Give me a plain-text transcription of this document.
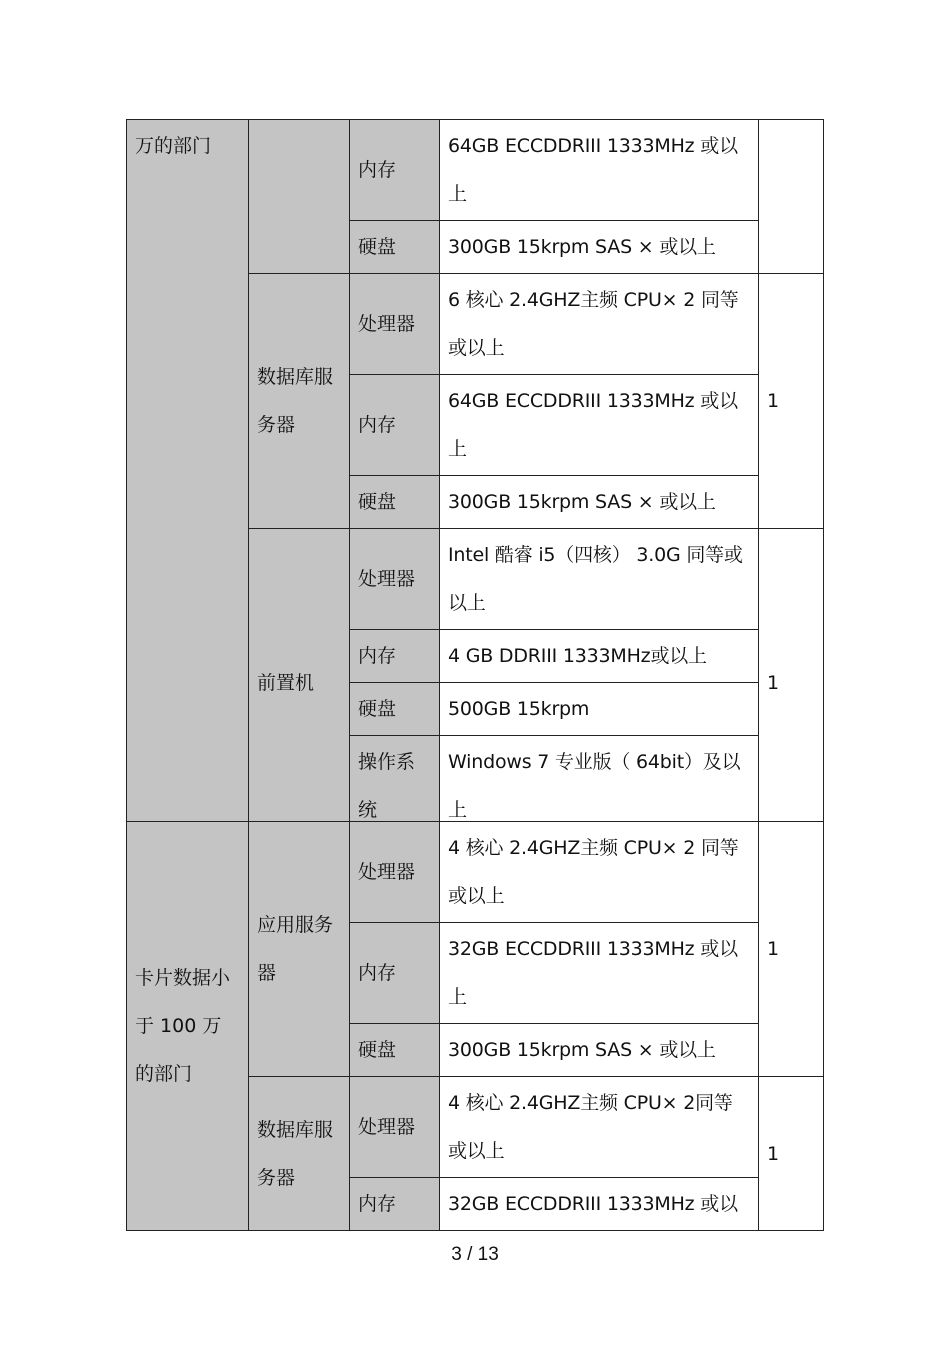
万的部门		内存	64GB ECCDDRIII 1333MHz 或以上	
		硬盘	300GB 15krpm SAS × 或以上	
	数据库服务器	处理器	6 核心 2.4GHZ主频 CPU× 2 同等或以上	1
		内存	64GB ECCDDRIII 1333MHz 或以上	
		硬盘	300GB 15krpm SAS × 或以上	
	前置机	处理器	Intel 酷睿 i5（四核） 3.0G 同等或以上	1
		内存	4 GB DDRIII 1333MHz或以上	
		硬盘	500GB 15krpm	
		操作系统	Windows 7 专业版（ 64bit）及以上	
卡片数据小于 100 万的部门	应用服务器	处理器	4 核心 2.4GHZ主频 CPU× 2 同等或以上	1
		内存	32GB ECCDDRIII 1333MHz 或以上	
		硬盘	300GB 15krpm SAS × 或以上	
	数据库服务器	处理器	4 核心 2.4GHZ主频 CPU× 2同等或以上	1
		内存	32GB ECCDDRIII 1333MHz 或以	
3 / 13
